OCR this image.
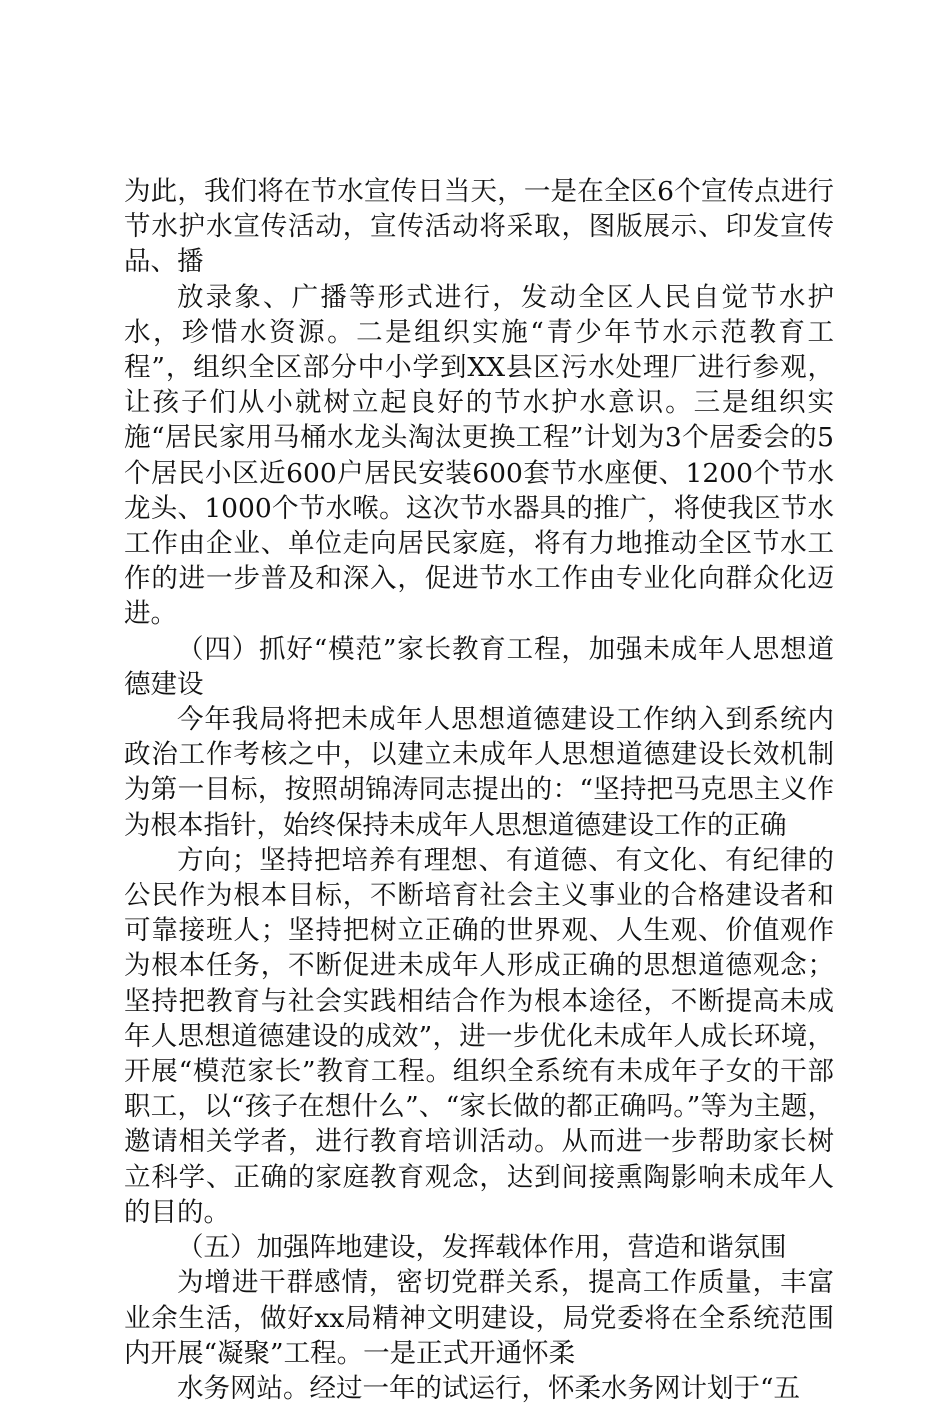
为此，我们将在节水宣传日当天，一是在全区6个宣传点进行节水护水宣传活动，宣传活动将采取，图版展示、印发宣传品、播

放录象、广播等形式进行，发动全区人民自觉节水护水，珍惜水资源。二是组织实施“青少年节水示范教育工程”，组织全区部分中小学到XX县区污水处理厂进行参观，让孩子们从小就树立起良好的节水护水意识。三是组织实施“居民家用马桶水龙头淘汰更换工程”计划为3个居委会的5个居民小区近600户居民安装600套节水座便、1200个节水龙头、1000个节水喉。这次节水器具的推广，将使我区节水工作由企业、单位走向居民家庭，将有力地推动全区节水工作的进一步普及和深入，促进节水工作由专业化向群众化迈进。

（四）抓好“模范”家长教育工程，加强未成年人思想道德建设

今年我局将把未成年人思想道德建设工作纳入到系统内政治工作考核之中，以建立未成年人思想道德建设长效机制为第一目标，按照胡锦涛同志提出的：“坚持把马克思主义作为根本指针，始终保持未成年人思想道德建设工作的正确

方向；坚持把培养有理想、有道德、有文化、有纪律的公民作为根本目标，不断培育社会主义事业的合格建设者和可靠接班人；坚持把树立正确的世界观、人生观、价值观作为根本任务，不断促进未成年人形成正确的思想道德观念；坚持把教育与社会实践相结合作为根本途径，不断提高未成年人思想道德建设的成效”，进一步优化未成年人成长环境，开展“模范家长”教育工程。组织全系统有未成年子女的干部职工，以“孩子在想什么”、“家长做的都正确吗。”等为主题，邀请相关学者，进行教育培训活动。从而进一步帮助家长树立科学、正确的家庭教育观念，达到间接熏陶影响未成年人的目的。

（五）加强阵地建设，发挥载体作用，营造和谐氛围

为增进干群感情，密切党群关系，提高工作质量，丰富业余生活，做好xx局精神文明建设，局党委将在全系统范围内开展“凝聚”工程。一是正式开通怀柔

水务网站。经过一年的试运行，怀柔水务网计划于“五
